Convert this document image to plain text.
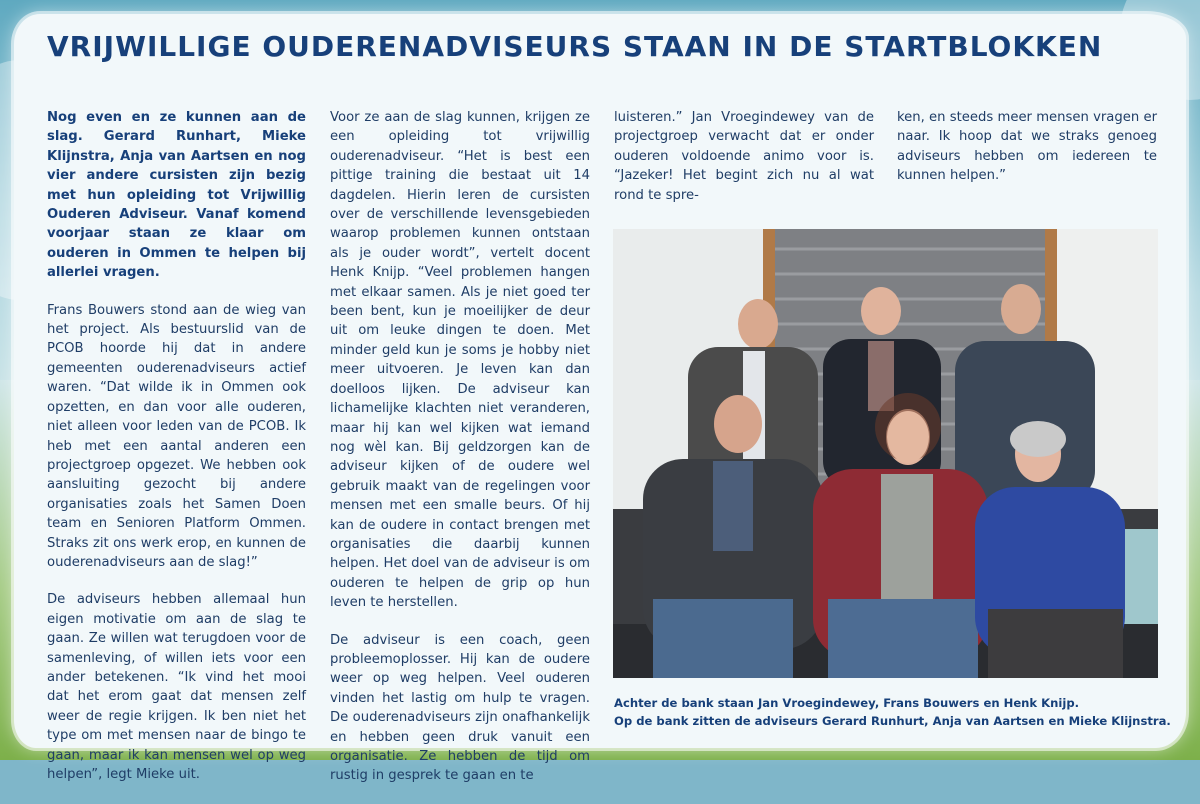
VRIJWILLIGE OUDERENADVISEURS STAAN IN DE STARTBLOKKEN

Nog even en ze kunnen aan de slag. Gerard Runhart, Mieke Klijnstra, Anja van Aartsen en nog vier andere cursisten zijn bezig met hun opleiding tot Vrijwillig Ouderen Adviseur. Vanaf komend voorjaar staan ze klaar om ouderen in Ommen te helpen bij allerlei vragen.

Frans Bouwers stond aan de wieg van het project. Als bestuurslid van de PCOB hoorde hij dat in andere gemeenten ouderenadviseurs actief waren. “Dat wilde ik in Ommen ook opzetten, en dan voor alle ouderen, niet alleen voor leden van de PCOB. Ik heb met een aantal anderen een projectgroep opgezet. We hebben ook aansluiting gezocht bij andere organisaties zoals het Samen Doen team en Senioren Platform Ommen. Straks zit ons werk erop, en kunnen de ouderenadviseurs aan de slag!”

De adviseurs hebben allemaal hun eigen motivatie om aan de slag te gaan. Ze willen wat terugdoen voor de samenleving, of willen iets voor een ander betekenen. “Ik vind het mooi dat het erom gaat dat mensen zelf weer de regie krijgen. Ik ben niet het type om met mensen naar de bingo te gaan, maar ik kan mensen wel op weg helpen”, legt Mieke uit.

Voor ze aan de slag kunnen, krijgen ze een opleiding tot vrijwillig ouderenadviseur. “Het is best een pittige training die bestaat uit 14 dagdelen. Hierin leren de cursisten over de verschillende levensgebieden waarop problemen kunnen ontstaan als je ouder wordt”, vertelt docent Henk Knijp. “Veel problemen hangen met elkaar samen. Als je niet goed ter been bent, kun je moeilijker de deur uit om leuke dingen te doen. Met minder geld kun je soms je hobby niet meer uitvoeren. Je leven kan dan doelloos lijken. De adviseur kan lichamelijke klachten niet veranderen, maar hij kan wel kijken wat iemand nog wèl kan. Bij geldzorgen kan de adviseur kijken of de oudere wel gebruik maakt van de regelingen voor mensen met een smalle beurs. Of hij kan de oudere in contact brengen met organisaties die daarbij kunnen helpen. Het doel van de adviseur is om ouderen te helpen de grip op hun leven te herstellen.

De adviseur is een coach, geen probleemoplosser. Hij kan de oudere weer op weg helpen. Veel ouderen vinden het lastig om hulp te vragen. De ouderenadviseurs zijn onafhankelijk en hebben geen druk vanuit een organisatie. Ze hebben de tijd om rustig in gesprek te gaan en te

luisteren.” Jan Vroegindewey van de projectgroep verwacht dat er onder ouderen voldoende animo voor is. “Jazeker! Het begint zich nu al wat rond te spre-

ken, en steeds meer mensen vragen er naar. Ik hoop dat we straks genoeg adviseurs hebben om iedereen te kunnen helpen.”

Achter de bank staan Jan Vroegindewey, Frans Bouwers en Henk Knijp.
Op de bank zitten de adviseurs Gerard Runhurt, Anja van Aartsen en Mieke Klijnstra.
